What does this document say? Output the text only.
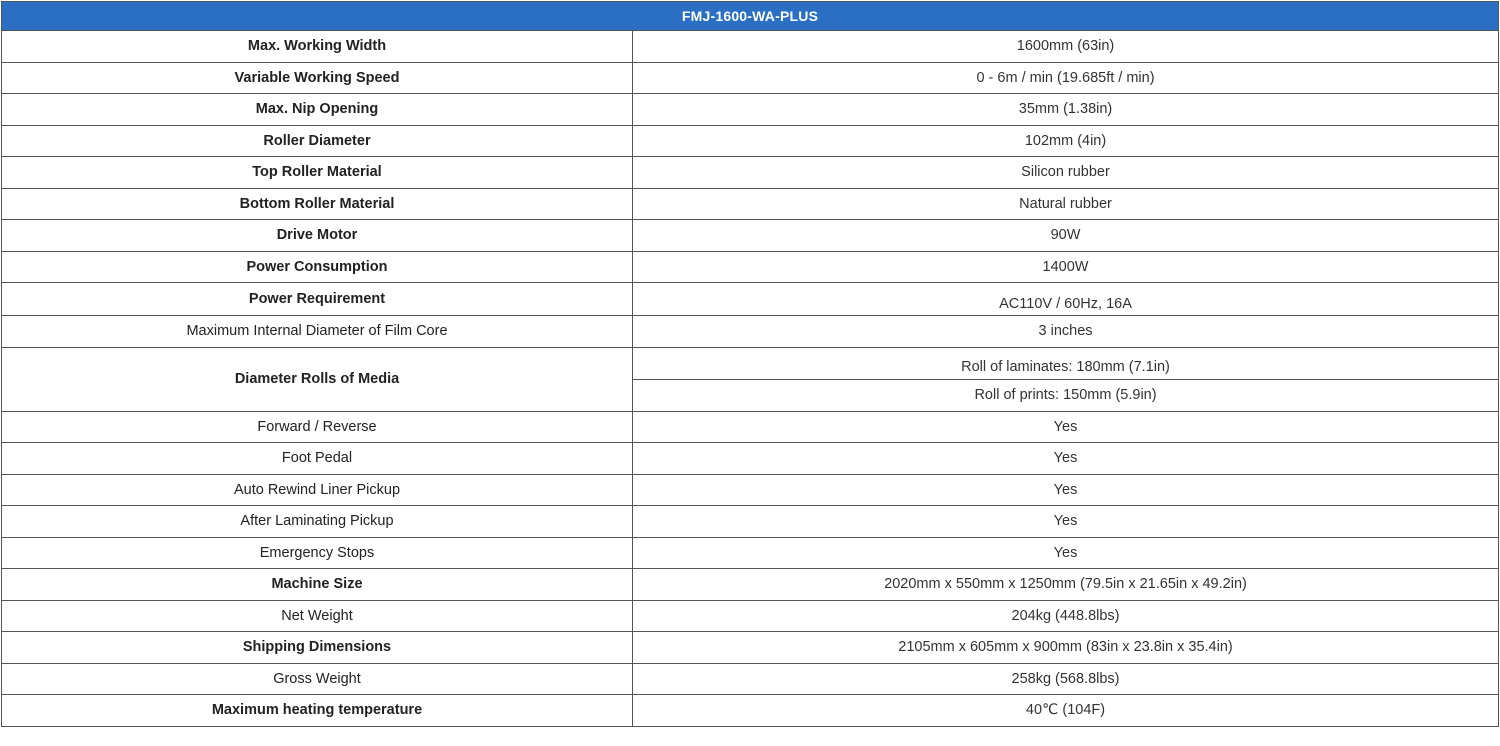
FMJ-1600-WA-PLUS	
Max. Working Width	1600mm (63in)
Variable Working Speed	0 - 6m / min (19.685ft / min)
Max. Nip Opening	35mm (1.38in)
Roller Diameter	102mm (4in)
Top Roller Material	Silicon rubber
Bottom Roller Material	Natural rubber
Drive Motor	90W
Power Consumption	1400W
Power Requirement	AC110V / 60Hz, 16A
Maximum Internal Diameter of Film Core	3 inches
Diameter Rolls of Media	Roll of laminates: 180mm (7.1in)
	Roll of prints: 150mm (5.9in)
Forward / Reverse	Yes
Foot Pedal	Yes
Auto Rewind Liner Pickup	Yes
After Laminating Pickup	Yes
Emergency Stops	Yes
Machine Size	2020mm x 550mm x 1250mm (79.5in x 21.65in x 49.2in)
Net Weight	204kg (448.8lbs)
Shipping Dimensions	2105mm x 605mm x 900mm (83in x 23.8in x 35.4in)
Gross Weight	258kg (568.8lbs)
Maximum heating temperature	40℃ (104F)
